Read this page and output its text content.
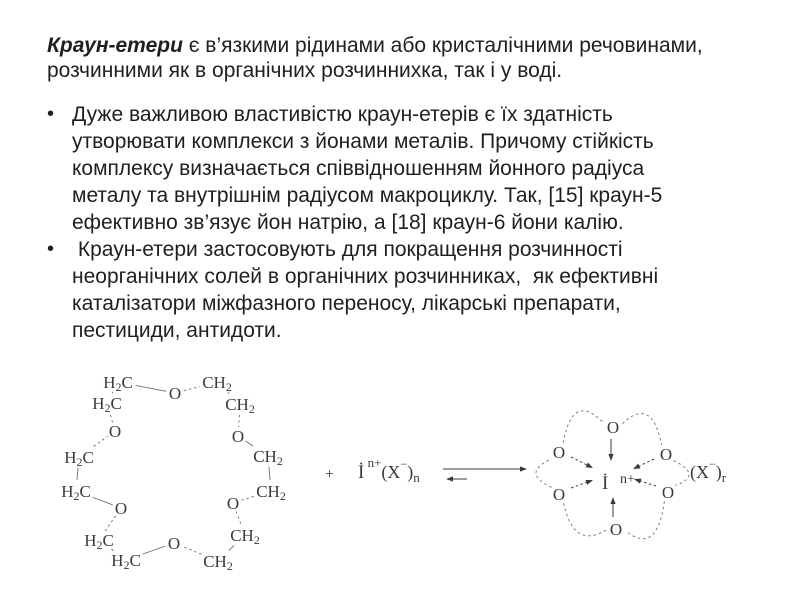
Краун-етери є в’язкими рідинами або кристалічними речовинами,
розчинними як в органічних розчиннихка, так і у воді.
• Дуже важливою властивістю краун-етерів є їх здатність
утворювати комплекси з йонами металів. Причому стійкість
комплексу визначається співвідношенням йонного радіуса
металу та внутрішнім радіусом макроциклу. Так, [15] краун-5
ефективно зв’язує йон натрію, а [18] краун-6 йони калію.
• Краун-етери застосовують для покращення розчинності
неорганічних солей в органічних розчинниках,  як ефективні
каталізатори міжфазного переносу, лікарські препарати,
пестициди, антидоти.
H2C
O
CH2
CH2
O
CH2
CH2
O
CH2
CH2
O
H2C
H2C
O
H2C
H2C
O
H2C
+ İ $^{n+}(X^-)_n$
O
O
O
O
O
O
İ n+	$(X^-)_r$
